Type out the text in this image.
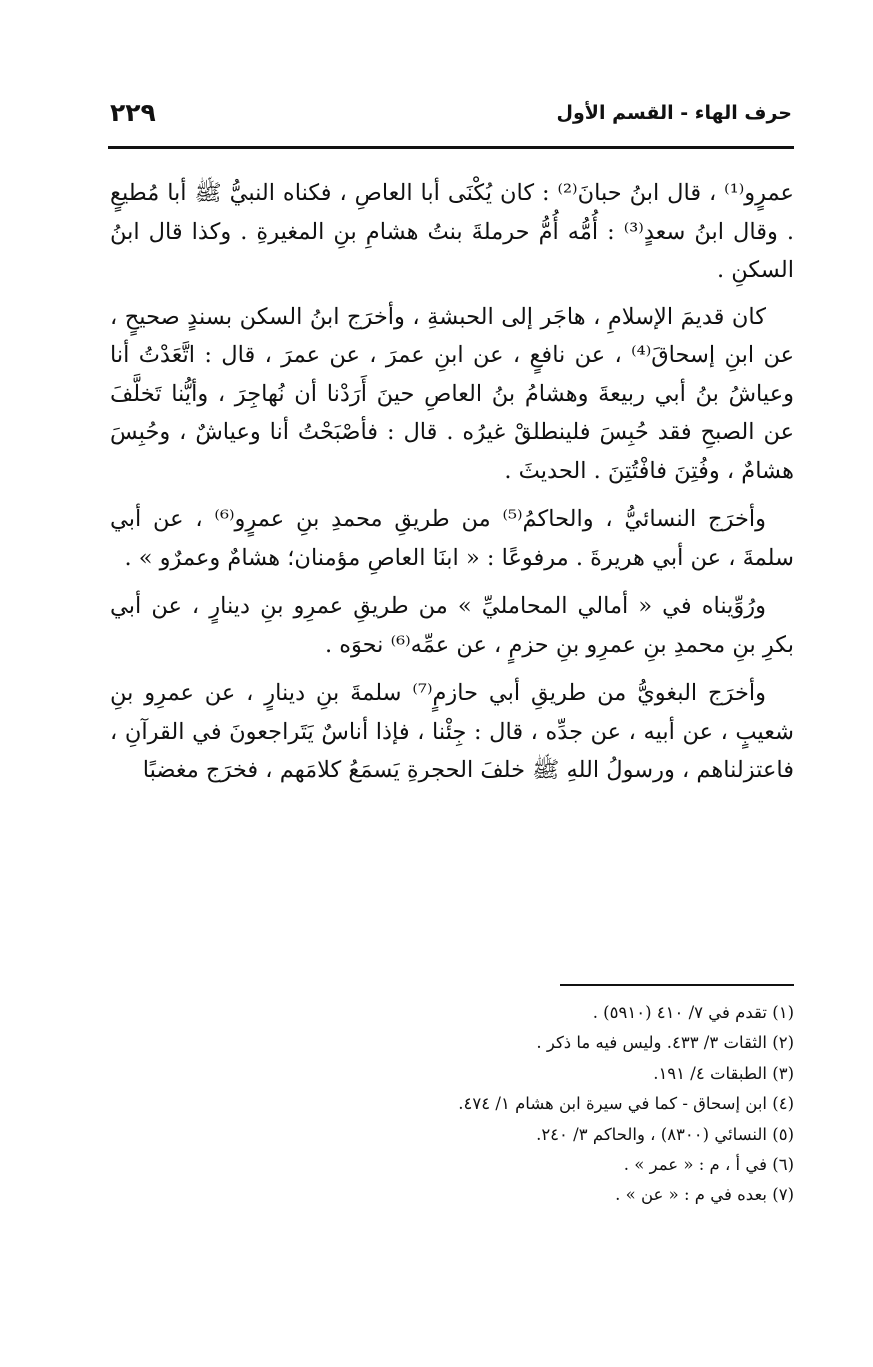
حرف الهاء - القسم الأول
٢٢٩

عمرٍو⁽¹⁾ ، قال ابنُ حبانَ⁽²⁾ : كان يُكْنَى أبا العاصِ ، فكناه النبيُّ ﷺ أبا مُطيعٍ . وقال ابنُ سعدٍ⁽³⁾ : أُمُّه أُمُّ حرملةَ بنتُ هشامِ بنِ المغيرةِ . وكذا قال ابنُ السكنِ .

كان قديمَ الإسلامِ ، هاجَر إلى الحبشةِ ، وأخرَج ابنُ السكن بسندٍ صحيحٍ ، عن ابنِ إسحاقَ⁽⁴⁾ ، عن نافعٍ ، عن ابنِ عمرَ ، عن عمرَ ، قال : اتَّعَدْتُ أنا وعياشُ بنُ أبي ربيعةَ وهشامُ بنُ العاصِ حينَ أَرَدْنا أن نُهاجِرَ ، وأيُّنا تَخلَّفَ عن الصبحِ فقد حُبِسَ فلينطلقْ غيرُه . قال : فأصْبَحْتُ أنا وعياشٌ ، وحُبِسَ هشامٌ ، وفُتِنَ فافْتُتِنَ . الحديثَ .

وأخرَج النسائيُّ ، والحاكمُ⁽⁵⁾ من طريقِ محمدِ بنِ عمرٍو⁽⁶⁾ ، عن أبي سلمةَ ، عن أبي هريرةَ . مرفوعًا : « ابنَا العاصِ مؤمنان؛ هشامٌ وعمرٌو » .

ورُوِّيناه في « أمالي المحامليِّ » من طريقِ عمرِو بنِ دينارٍ ، عن أبي بكرِ بنِ محمدِ بنِ عمرِو بنِ حزمٍ ، عن عمِّه⁽⁶⁾ نحوَه .

وأخرَج البغويُّ من طريقِ أبي حازمٍ⁽⁷⁾ سلمةَ بنِ دينارٍ ، عن عمرِو بنِ شعيبٍ ، عن أبيه ، عن جدِّه ، قال : جِئْنا ، فإذا أناسٌ يَتَراجعونَ في القرآنِ ، فاعتزلناهم ، ورسولُ اللهِ ﷺ خلفَ الحجرةِ يَسمَعُ كلامَهم ، فخرَج مغضبًا

(١) تقدم في ٧/ ٤١٠ (٥٩١٠) .

(٢) الثقات ٣/ ٤٣٣. وليس فيه ما ذكر .

(٣) الطبقات ٤/ ١٩١.

(٤) ابن إسحاق - كما في سيرة ابن هشام ١/ ٤٧٤.

(٥) النسائي (٨٣٠٠) ، والحاكم ٣/ ٢٤٠.

(٦) في أ ، م : « عمر » .

(٧) بعده في م : « عن » .
